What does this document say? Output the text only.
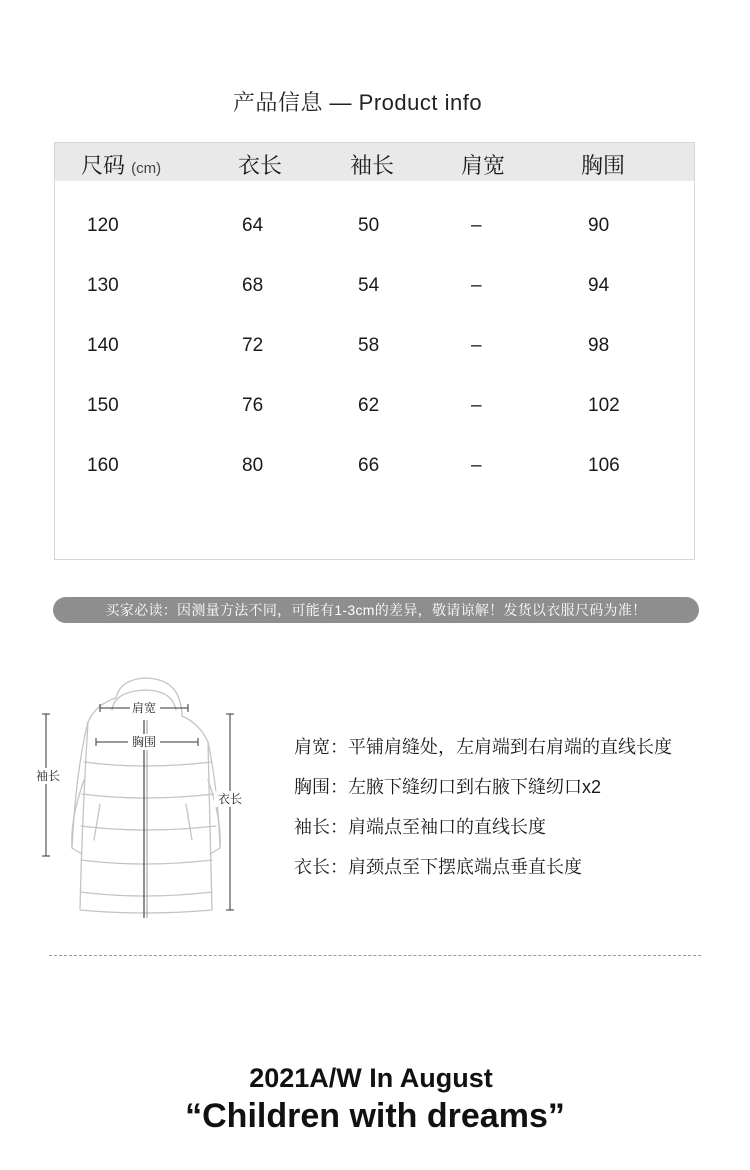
产品信息 — Product info
尺码 (cm)	衣长	袖长	肩宽	胸围
120	64	50	–	90
130	68	54	–	94
140	72	58	–	98
150	76	62	–	102
160	80	66	–	106
买家必读：因测量方法不同，可能有1-3cm的差异，敬请谅解！发货以衣服尺码为准！
肩宽
胸围
袖长
衣长
肩宽：平铺肩缝处，左肩端到右肩端的直线长度
胸围：左腋下缝纫口到右腋下缝纫口x2
袖长：肩端点至袖口的直线长度
衣长：肩颈点至下摆底端点垂直长度
2021A/W In August
“Children with dreams”
